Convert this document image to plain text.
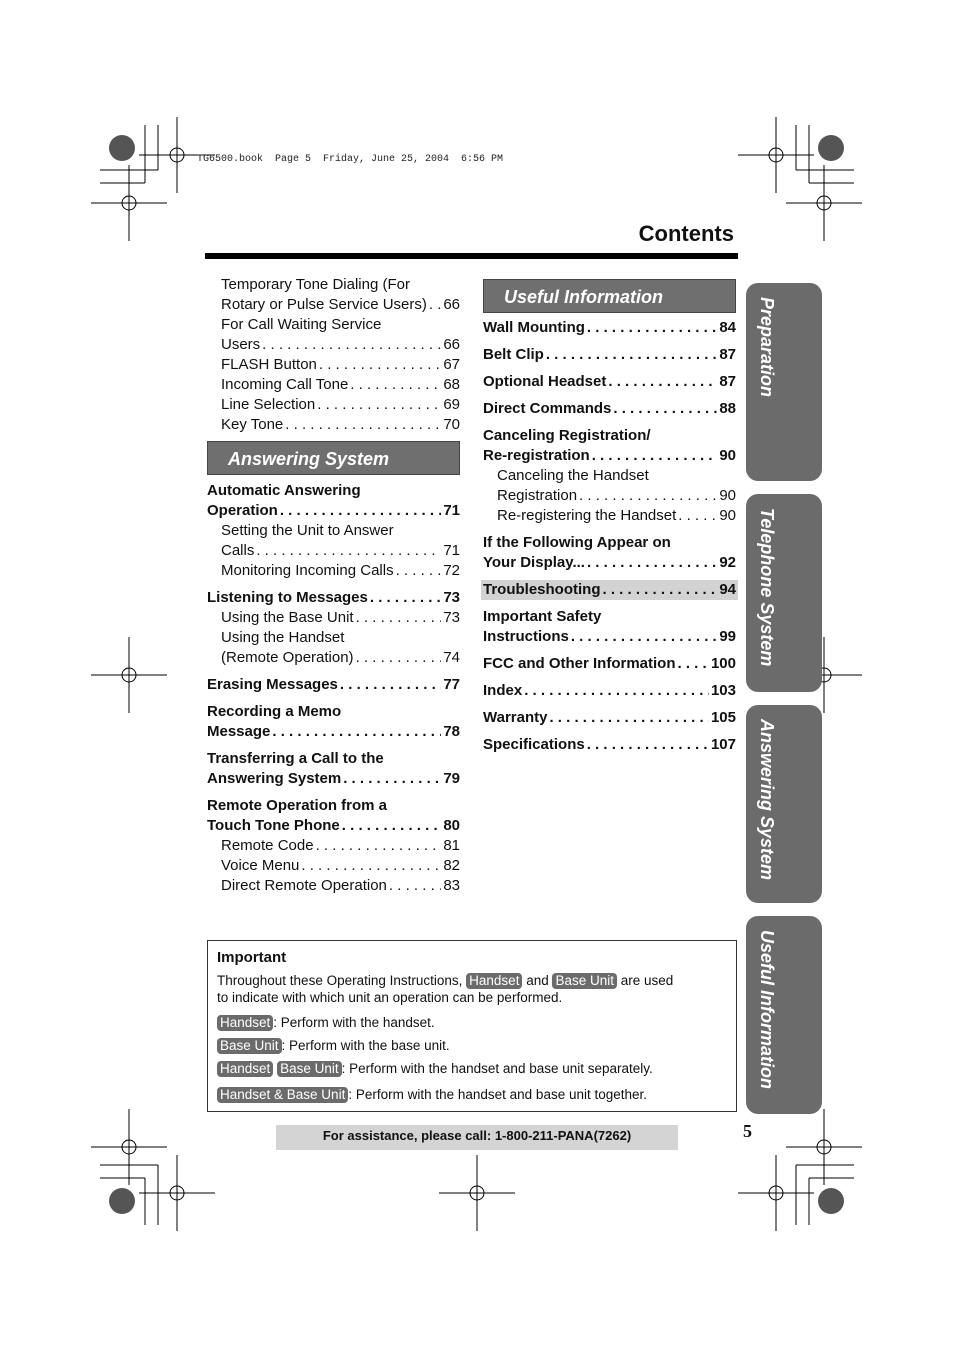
TG6500.book  Page 5  Friday, June 25, 2004  6:56 PM
Contents
Temporary Tone Dialing (For
Rotary or Pulse Service Users) . . . 66
For Call Waiting Service
Users . . .	66
FLASH Button . . .	67
Incoming Call Tone . . .	68
Line Selection . . .	69
Key Tone . . .	70
Answering System
Automatic Answering
Operation . . .	71
Setting the Unit to Answer
Calls . . .	71
Monitoring Incoming Calls . . .	72
Listening to Messages . . .	73
Using the Base Unit . . .	73
Using the Handset
(Remote Operation) . . .	74
Erasing Messages . . .	77
Recording a Memo
Message . . .	78
Transferring a Call to the
Answering System . . .	79
Remote Operation from a
Touch Tone Phone . . .	80
Remote Code . . .	81
Voice Menu . . .	82
Direct Remote Operation . . .	83
Useful Information
Wall Mounting . . .	84
Belt Clip . . .	87
Optional Headset . . .	87
Direct Commands . . .	88
Canceling Registration/
Re-registration . . .	90
Canceling the Handset
Registration . . .	90
Re-registering the Handset . . .	90
If the Following Appear on
Your Display... . . .	92
Troubleshooting . . .	94
Important Safety
Instructions . . .	99
FCC and Other Information . . . 100
Index . . .	103
Warranty . . .	105
Specifications . . .	107
Preparation
Telephone System
Answering System
Useful Information
Important
Throughout these Operating Instructions, Handset and Base Unit are used
to indicate with which unit an operation can be performed.
Handset : Perform with the handset.
Base Unit : Perform with the base unit.
Handset Base Unit : Perform with the handset and base unit separately.
Handset & Base Unit : Perform with the handset and base unit together.
For assistance, please call: 1-800-211-PANA(7262)	5
